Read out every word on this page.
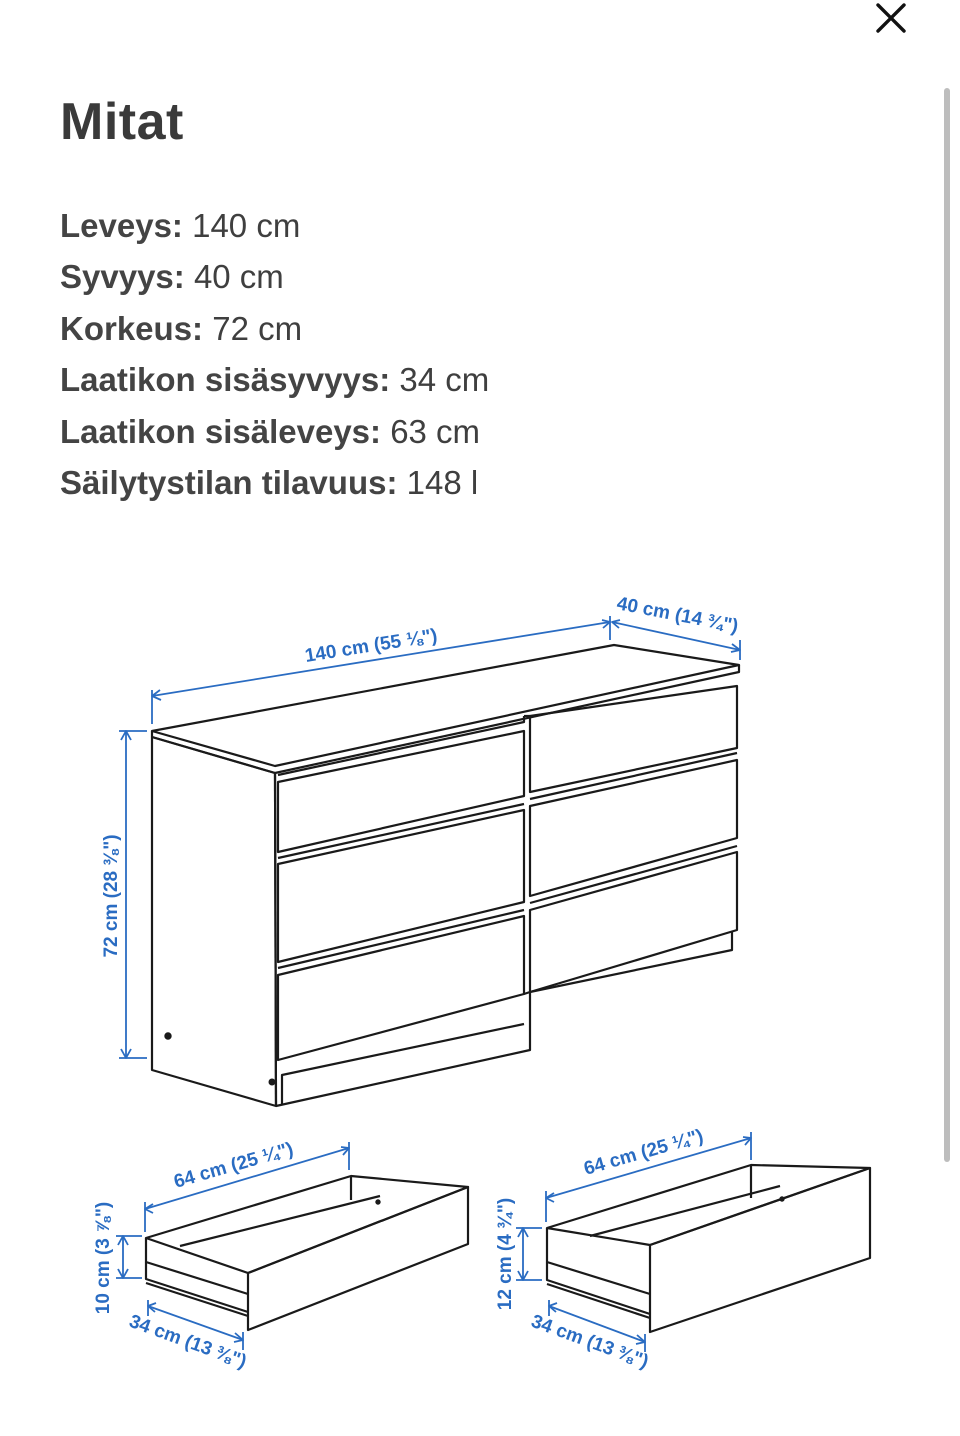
Mitat
Leveys: 140 cm
Syvyys: 40 cm
Korkeus: 72 cm
Laatikon sisäsyvyys: 34 cm
Laatikon sisäleveys: 63 cm
Säilytystilan tilavuus: 148 l
140 cm (55 ⅛")
40 cm (14 ¾")
72 cm (28 ⅜")
64 cm (25 ¼")
10 cm (3 ⅞")
34 cm (13 ⅜")
64 cm (25 ¼")
12 cm (4 ¾")
34 cm (13 ⅜")
